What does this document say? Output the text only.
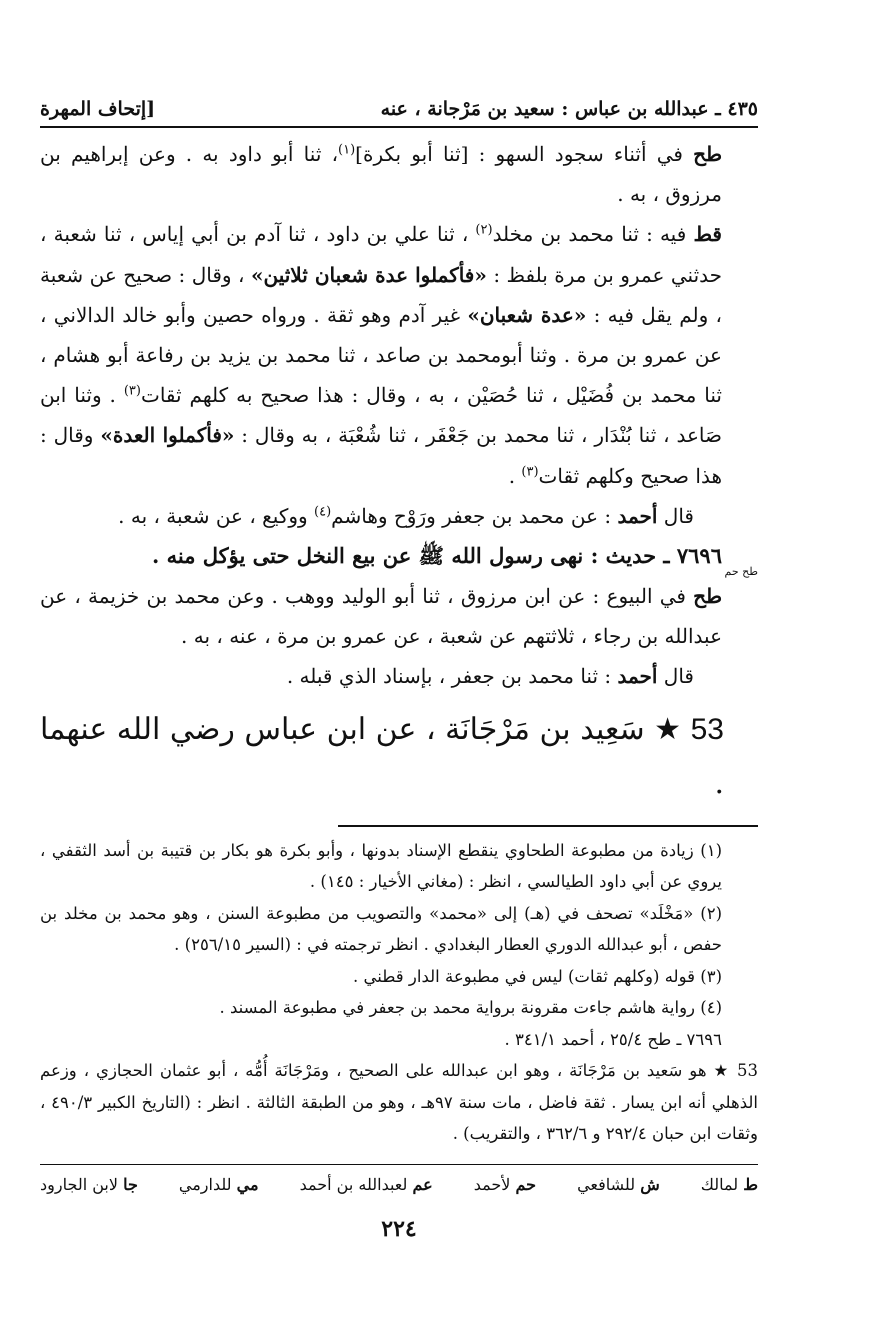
٤٣٥ ـ عبدالله بن عباس : سعيد بن مَرْجانة ، عنه
[إتحاف المهرة

طح في أثناء سجود السهو : [ثنا أبو بكرة]$^{(١)}$، ثنا أبو داود به . وعن إبراهيم بن مرزوق ، به .

قط فيه : ثنا محمد بن مخلد$^{(٢)}$ ، ثنا علي بن داود ، ثنا آدم بن أبي إياس ، ثنا شعبة ، حدثني عمرو بن مرة بلفظ : «فأكملوا عدة شعبان ثلاثين» ، وقال : صحيح عن شعبة ، ولم يقل فيه : «عدة شعبان» غير آدم وهو ثقة . ورواه حصين وأبو خالد الدالاني ، عن عمرو بن مرة . وثنا أبومحمد بن صاعد ، ثنا محمد بن يزيد بن رفاعة أبو هشام ، ثنا محمد بن فُضَيْل ، ثنا حُصَيْن ، به ، وقال : هذا صحيح به كلهم ثقات$^{(٣)}$ . وثنا ابن صَاعد ، ثنا بُنْدَار ، ثنا محمد بن جَعْفَر ، ثنا شُعْبَة ، به وقال : «فأكملوا العدة» وقال : هذا صحيح وكلهم ثقات$^{(٣)}$ .

قال أحمد : عن محمد بن جعفر ورَوْح وهاشم$^{(٤)}$ ووكيع ، عن شعبة ، به .

٧٦٩٦ ـ حديث : نهى رسول الله ﷺ عن بيع النخل حتى يؤكل منه .
طح حم

طح في البيوع : عن ابن مرزوق ، ثنا أبو الوليد ووهب . وعن محمد بن خزيمة ، عن عبدالله بن رجاء ، ثلاثتهم عن شعبة ، عن عمرو بن مرة ، عنه ، به .

قال أحمد : ثنا محمد بن جعفر ، بإسناد الذي قبله .

53 ★ سَعِيد بن مَرْجَانَة ، عن ابن عباس رضي الله عنهما .

(١) زيادة من مطبوعة الطحاوي ينقطع الإسناد بدونها ، وأبو بكرة هو بكار بن قتيبة بن أسد الثقفي ، يروي عن أبي داود الطيالسي ، انظر : (مغاني الأخيار : ١٤٥) .

(٢) «مَخْلَد» تصحف في (هـ) إلى «محمد» والتصويب من مطبوعة السنن ، وهو محمد بن مخلد بن حفص ، أبو عبدالله الدوري العطار البغدادي . انظر ترجمته في : (السير ٢٥٦/١٥) .

(٣) قوله (وكلهم ثقات) ليس في مطبوعة الدار قطني .

(٤) رواية هاشم جاءت مقرونة برواية محمد بن جعفر في مطبوعة المسند .

٧٦٩٦ ـ طح ٢٥/٤ ، أحمد ٣٤١/١ .

53 ★ هو سَعيد بن مَرْجَانَة ، وهو ابن عبدالله على الصحيح ، ومَرْجَانَة أُمُّه ، أبو عثمان الحجازي ، وزعم الذهلي أنه ابن يسار . ثقة فاضل ، مات سنة ٩٧هـ ، وهو من الطبقة الثالثة . انظر : (التاريخ الكبير ٤٩٠/٣ ، وثقات ابن حبان ٢٩٢/٤ و ٣٦٢/٦ ، والتقريب) .

ط لمالك
ش للشافعي
حم لأحمد
عم لعبدالله بن أحمد
مي للدارمي
جا لابن الجارود
٢٢٤
